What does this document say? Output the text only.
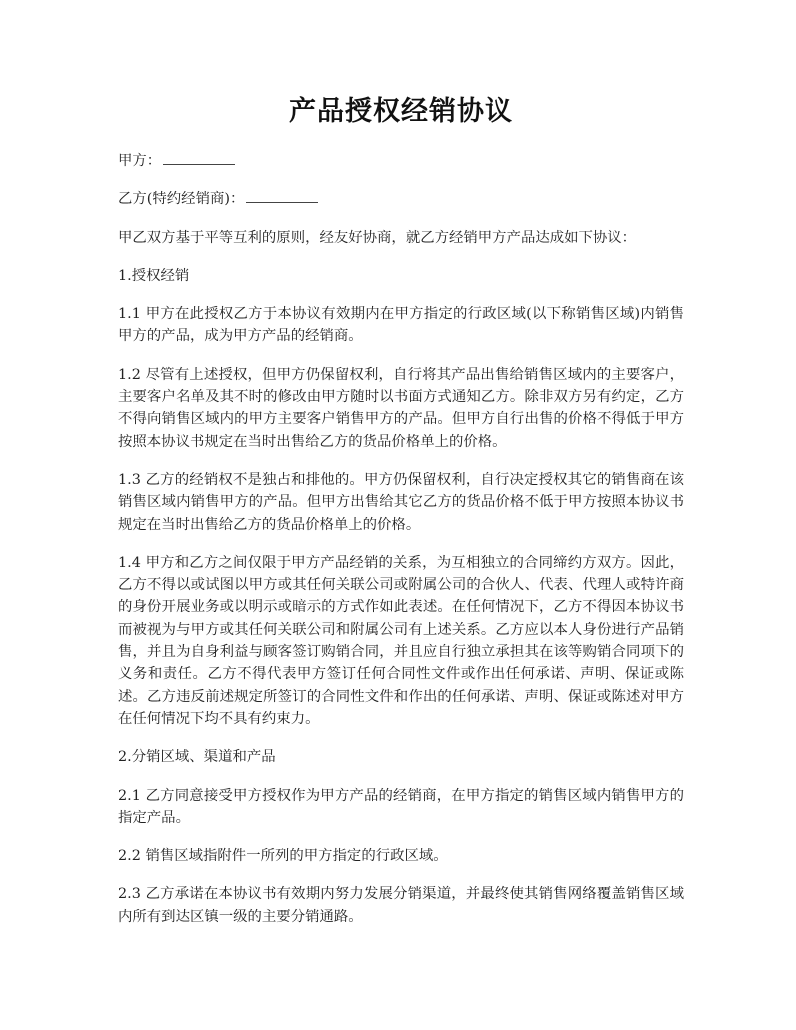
产品授权经销协议

甲方：

乙方(特约经销商)：

甲乙双方基于平等互利的原则，经友好协商，就乙方经销甲方产品达成如下协议：

1.授权经销

1.1 甲方在此授权乙方于本协议有效期内在甲方指定的行政区域(以下称销售区域)内销售甲方的产品，成为甲方产品的经销商。

1.2 尽管有上述授权，但甲方仍保留权利，自行将其产品出售给销售区域内的主要客户，主要客户名单及其不时的修改由甲方随时以书面方式通知乙方。除非双方另有约定，乙方不得向销售区域内的甲方主要客户销售甲方的产品。但甲方自行出售的价格不得低于甲方按照本协议书规定在当时出售给乙方的货品价格单上的价格。

1.3 乙方的经销权不是独占和排他的。甲方仍保留权利，自行决定授权其它的销售商在该销售区域内销售甲方的产品。但甲方出售给其它乙方的货品价格不低于甲方按照本协议书规定在当时出售给乙方的货品价格单上的价格。

1.4 甲方和乙方之间仅限于甲方产品经销的关系，为互相独立的合同缔约方双方。因此，乙方不得以或试图以甲方或其任何关联公司或附属公司的合伙人、代表、代理人或特许商的身份开展业务或以明示或暗示的方式作如此表述。在任何情况下，乙方不得因本协议书而被视为与甲方或其任何关联公司和附属公司有上述关系。乙方应以本人身份进行产品销售，并且为自身利益与顾客签订购销合同，并且应自行独立承担其在该等购销合同项下的义务和责任。乙方不得代表甲方签订任何合同性文件或作出任何承诺、声明、保证或陈述。乙方违反前述规定所签订的合同性文件和作出的任何承诺、声明、保证或陈述对甲方在任何情况下均不具有约束力。

2.分销区域、渠道和产品

2.1 乙方同意接受甲方授权作为甲方产品的经销商，在甲方指定的销售区域内销售甲方的指定产品。

2.2 销售区域指附件一所列的甲方指定的行政区域。

2.3 乙方承诺在本协议书有效期内努力发展分销渠道，并最终使其销售网络覆盖销售区域内所有到达区镇一级的主要分销通路。
